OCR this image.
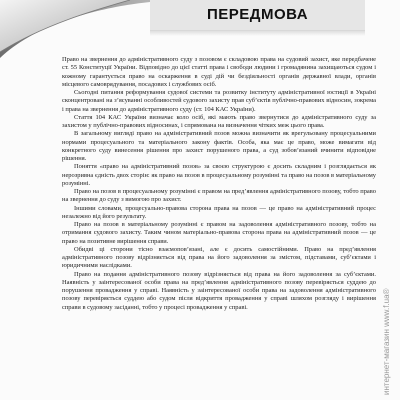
ПЕРЕДМОВА

Право на звернення до адміністративного суду з позовом є складовою права на судовий захист, яке передбачене ст. 55 Конституції України. Відповідно до цієї статті права і свободи людини і громадянина захищаються судом і кожному гарантується право на оскарження в суді дій чи бездіяльності органів державної влади, органів місцевого самоврядування, посадових і службових осіб.

Сьогодні питання реформування судової системи та розвитку інституту адміністративної юстиції в Україні сконцентровані на з’ясуванні особливостей судового захисту прав суб’єктів публічно-правових відносин, зокрема і права на звернення до адміністративного суду (ст. 104 КАС України).

Стаття 104 КАС України визначає коло осіб, які мають право звернутися до адміністративного суду за захистом у публічно-правових відносинах, і спрямована на визначення чітких меж цього права.

В загальному вигляді право на адміністративний позов можна визначити як врегульовану процесуальними нормами процесуального та матеріального закону фактів. Особа, яка має це право, може вимагати від конкретного суду винесення рішення про захист порушеного права, а суд зобов’язаний вчинити відповідне рішення.

Поняття «право на адміністративний позов» за своєю структурою є досить складним і розглядається як нерозривна єдність двох сторін: як право на позов в процесуальному розумінні та право на позов в матеріальному розумінні.

Право на позов в процесуальному розумінні є правом на пред’явлення адміністративного позову, тобто право на звернення до суду з вимогою про захист.

Іншими словами, процесуально-правова сторона права на позов — це право на адміністративний процес незалежно від його результату.

Право на позов в матеріальному розумінні є правом на задоволення адміністративного позову, тобто на отримання судового захисту. Таким чином матеріально-правова сторона права на адміністративний позов — це право на позитивне вирішення справи.

Обидві ці сторони тісно взаємопов’язані, але є досить самостійними. Право на пред’явлення адміністративного позову відрізняється від права на його задоволення за змістом, підставами, суб’єктами і юридичними наслідками.

Право на подання адміністративного позову відрізняється від права на його задоволення за суб’єктами. Наявність у заінтересованої особи права на пред’явлення адміністративного позову перевіряється суддею до порушення провадження у справі. Наявність у заінтересованої особи права на задоволення адміністративного позову перевіряється суддею або судом після відкриття провадження у справі шляхом розгляду і вирішення справи в судовому засіданні, тобто у процесі провадження у справі.	интернет-магазин www.f.ua®
